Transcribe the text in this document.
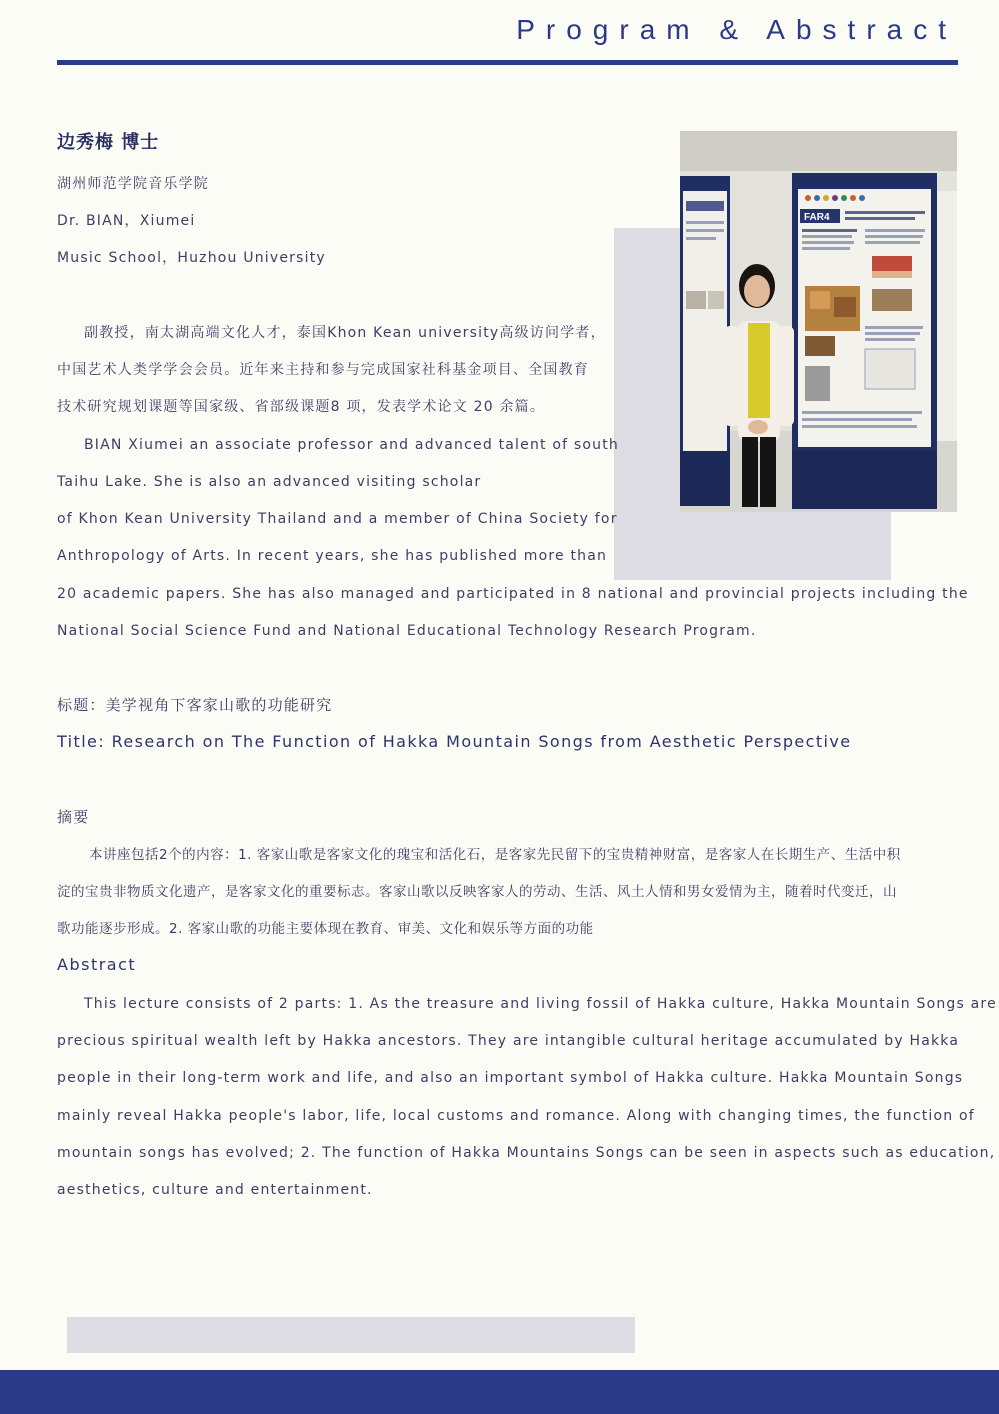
Program & Abstract
FAR4
边秀梅 博士
湖州师范学院音乐学院
Dr. BIAN，Xiumei
Music School，Huzhou University
副教授，南太湖高端文化人才，泰国Khon Kean university高级访问学者，
中国艺术人类学学会会员。近年来主持和参与完成国家社科基金项目、全国教育
技术研究规划课题等国家级、省部级课题8 项，发表学术论文 20 余篇。
BIAN Xiumei an associate professor and advanced talent of south
Taihu Lake. She is also an advanced visiting scholar
of Khon Kean University Thailand and a member of China Society for
Anthropology of Arts. In recent years, she has published more than
20 academic papers. She has also managed and participated in 8 national and provincial projects including the
National Social Science Fund and National Educational Technology Research Program.
标题：美学视角下客家山歌的功能研究
Title: Research on The Function of Hakka Mountain Songs from Aesthetic Perspective
摘要
本讲座包括2个的内容：1. 客家山歌是客家文化的瑰宝和活化石，是客家先民留下的宝贵精神财富，是客家人在长期生产、生活中积
淀的宝贵非物质文化遗产，是客家文化的重要标志。客家山歌以反映客家人的劳动、生活、风土人情和男女爱情为主，随着时代变迁，山
歌功能逐步形成。2. 客家山歌的功能主要体现在教育、审美、文化和娱乐等方面的功能
Abstract
This lecture consists of 2 parts: 1. As the treasure and living fossil of Hakka culture, Hakka Mountain Songs are
precious spiritual wealth left by Hakka ancestors. They are intangible cultural heritage accumulated by Hakka
people in their long-term work and life, and also an important symbol of Hakka culture. Hakka Mountain Songs
mainly reveal Hakka people's labor, life, local customs and romance. Along with changing times, the function of
mountain songs has evolved; 2. The function of Hakka Mountains Songs can be seen in aspects such as education,
aesthetics, culture and entertainment.
